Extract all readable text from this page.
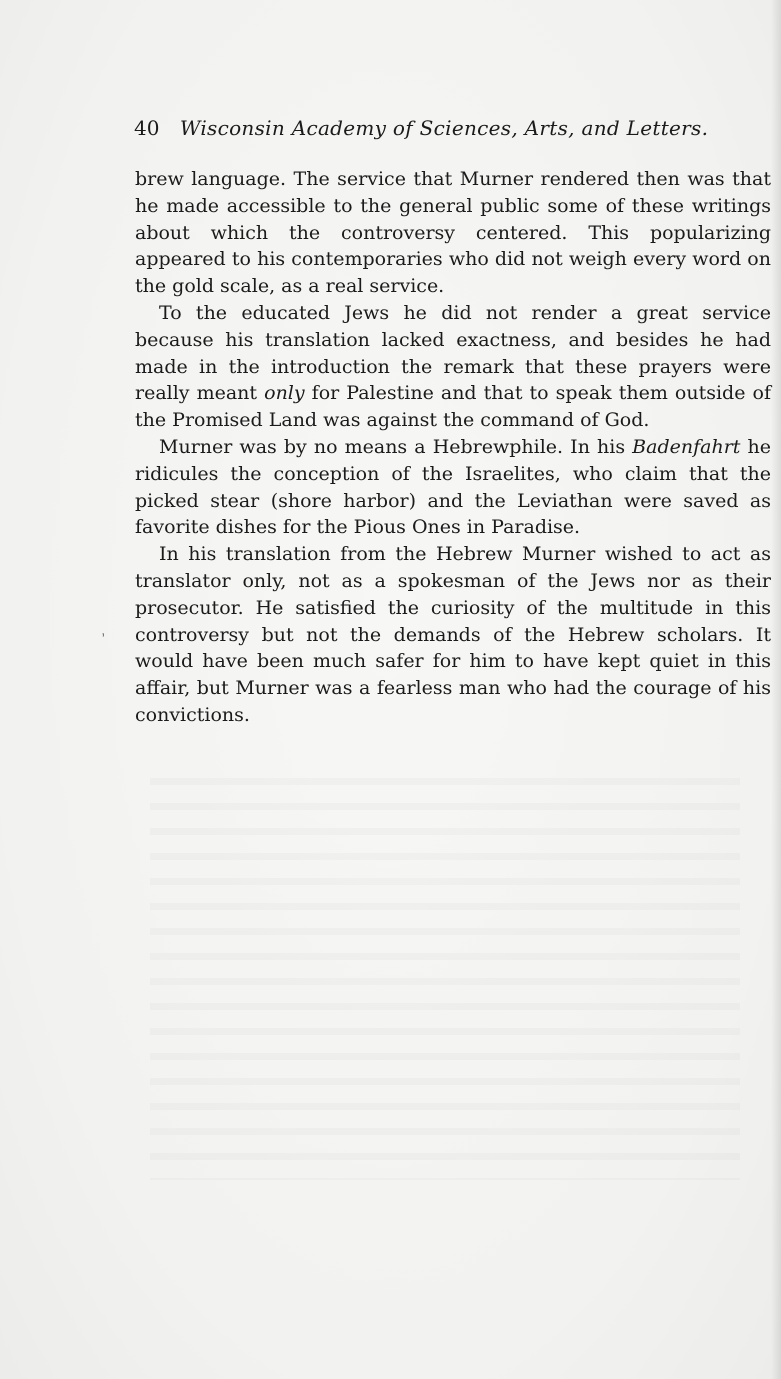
40 Wisconsin Academy of Sciences, Arts, and Letters.

brew language. The service that Murner rendered then was that he made accessible to the general public some of these writings about which the controversy centered. This popularizing appeared to his contemporaries who did not weigh every word on the gold scale, as a real service.

To the educated Jews he did not render a great service because his translation lacked exactness, and besides he had made in the introduction the remark that these prayers were really meant only for Palestine and that to speak them outside of the Promised Land was against the command of God.

Murner was by no means a Hebrewphile. In his Badenfahrt he ridicules the conception of the Israelites, who claim that the picked stear (shore harbor) and the Leviathan were saved as favorite dishes for the Pious Ones in Paradise.

In his translation from the Hebrew Murner wished to act as translator only, not as a spokesman of the Jews nor as their prosecutor. He satisfied the curiosity of the multitude in this controversy but not the demands of the Hebrew scholars. It would have been much safer for him to have kept quiet in this affair, but Murner was a fearless man who had the courage of his convictions.

’
